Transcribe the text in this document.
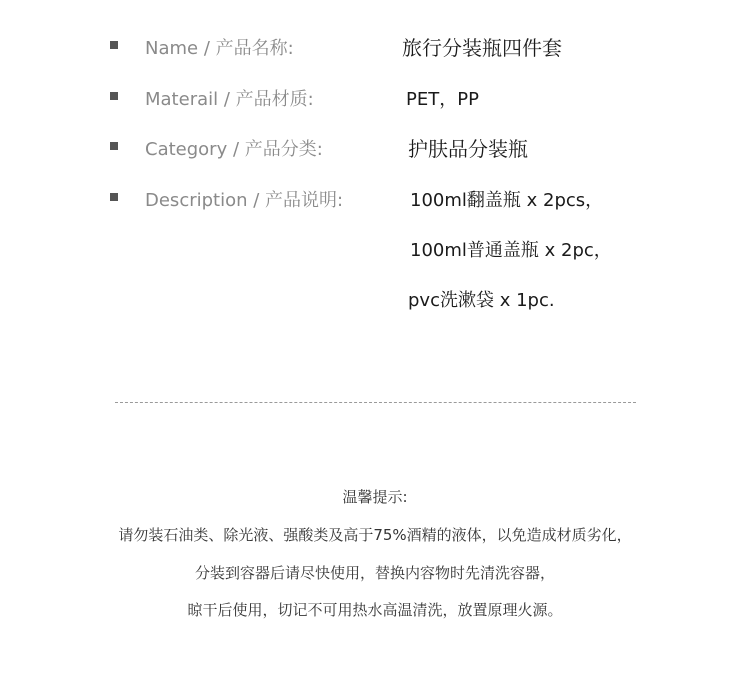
Name / 产品名称:	旅行分装瓶四件套
Materail / 产品材质:	PET，PP
Category / 产品分类:	护肤品分装瓶
Description / 产品说明:	100ml翻盖瓶 x 2pcs，
100ml普通盖瓶 x 2pc，
pvc洗漱袋 x 1pc.
温馨提示:
请勿装石油类、除光液、强酸类及高于75%酒精的液体，以免造成材质劣化，
分装到容器后请尽快使用，替换内容物时先清洗容器，
晾干后使用，切记不可用热水高温清洗，放置原理火源。
